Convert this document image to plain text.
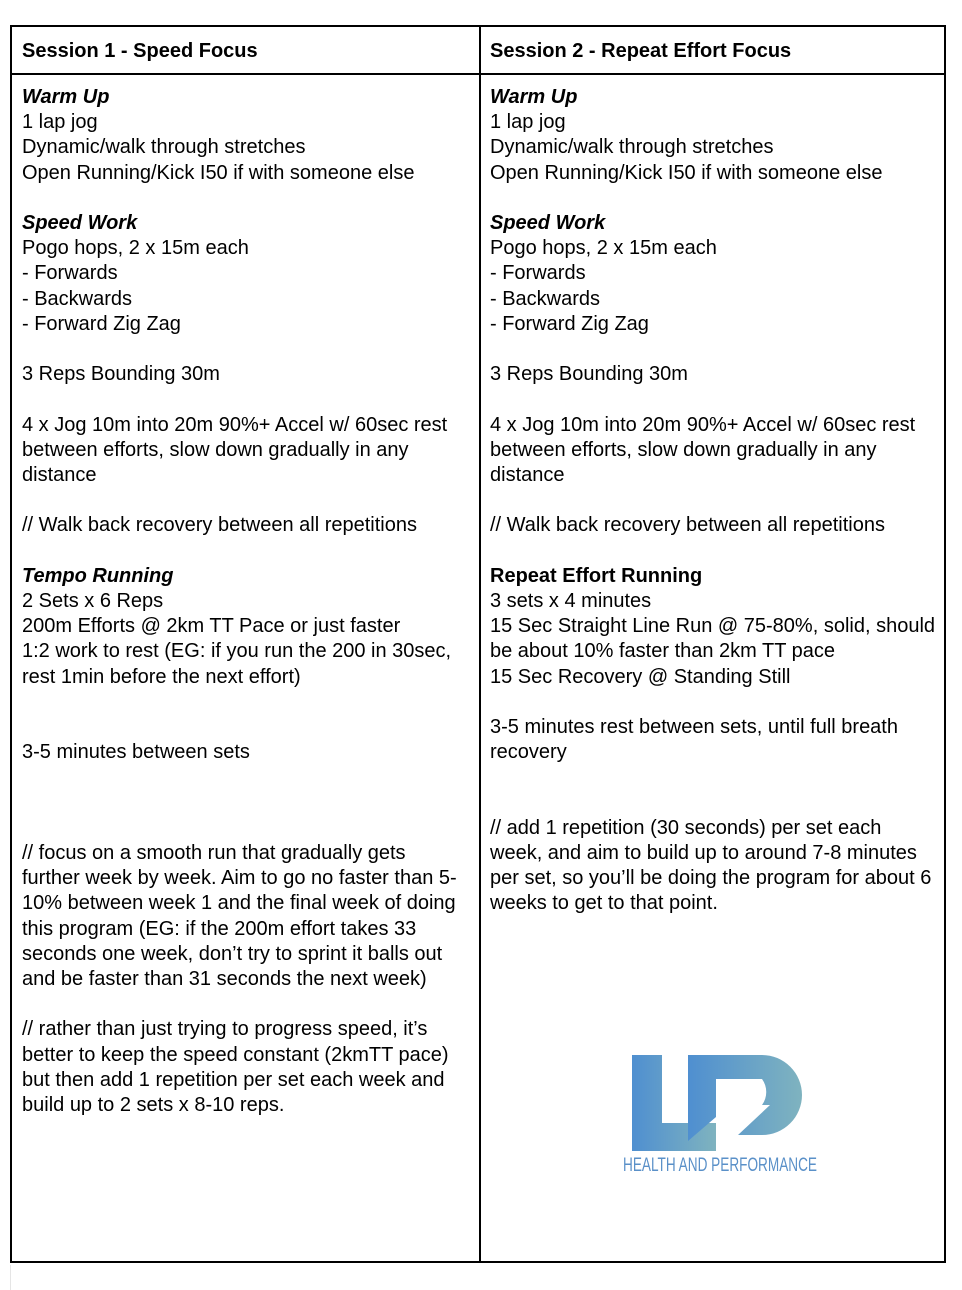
Session 1 - Speed Focus
Warm Up
1 lap jog
Dynamic/walk through stretches
Open Running/Kick I50 if with someone else
Speed Work
Pogo hops, 2 x 15m each
- Forwards
- Backwards
- Forward Zig Zag
3 Reps Bounding 30m
4 x Jog 10m into 20m 90%+ Accel w/ 60sec rest between efforts, slow down gradually in any distance
// Walk back recovery between all repetitions
Tempo Running
2 Sets x 6 Reps
200m Efforts @ 2km TT Pace or just faster
1:2 work to rest (EG: if you run the 200 in 30sec, rest 1min before the next effort)
3-5 minutes between sets
// focus on a smooth run that gradually gets further week by week. Aim to go no faster than 5-10% between week 1 and the final week of doing this program (EG: if the 200m effort takes 33 seconds one week, don’t try to sprint it balls out and be faster than 31 seconds the next week)
// rather than just trying to progress speed, it’s better to keep the speed constant (2kmTT pace) but then add 1 repetition per set each week and build up to 2 sets x 8-10 reps.
Session 2 - Repeat Effort Focus
Warm Up
1 lap jog
Dynamic/walk through stretches
Open Running/Kick I50 if with someone else
Speed Work
Pogo hops, 2 x 15m each
- Forwards
- Backwards
- Forward Zig Zag
3 Reps Bounding 30m
4 x Jog 10m into 20m 90%+ Accel w/ 60sec rest between efforts, slow down gradually in any distance
// Walk back recovery between all repetitions
Repeat Effort Running
3 sets x 4 minutes
15 Sec Straight Line Run @ 75-80%, solid, should be about 10% faster than 2km TT pace
15 Sec Recovery @ Standing Still
3-5 minutes rest between sets, until full breath recovery
// add 1 repetition (30 seconds) per set each week, and aim to build up to around 7-8 minutes per set, so you’ll be doing the program for about 6 weeks to get to that point.
HEALTH AND PERFORMANCE
